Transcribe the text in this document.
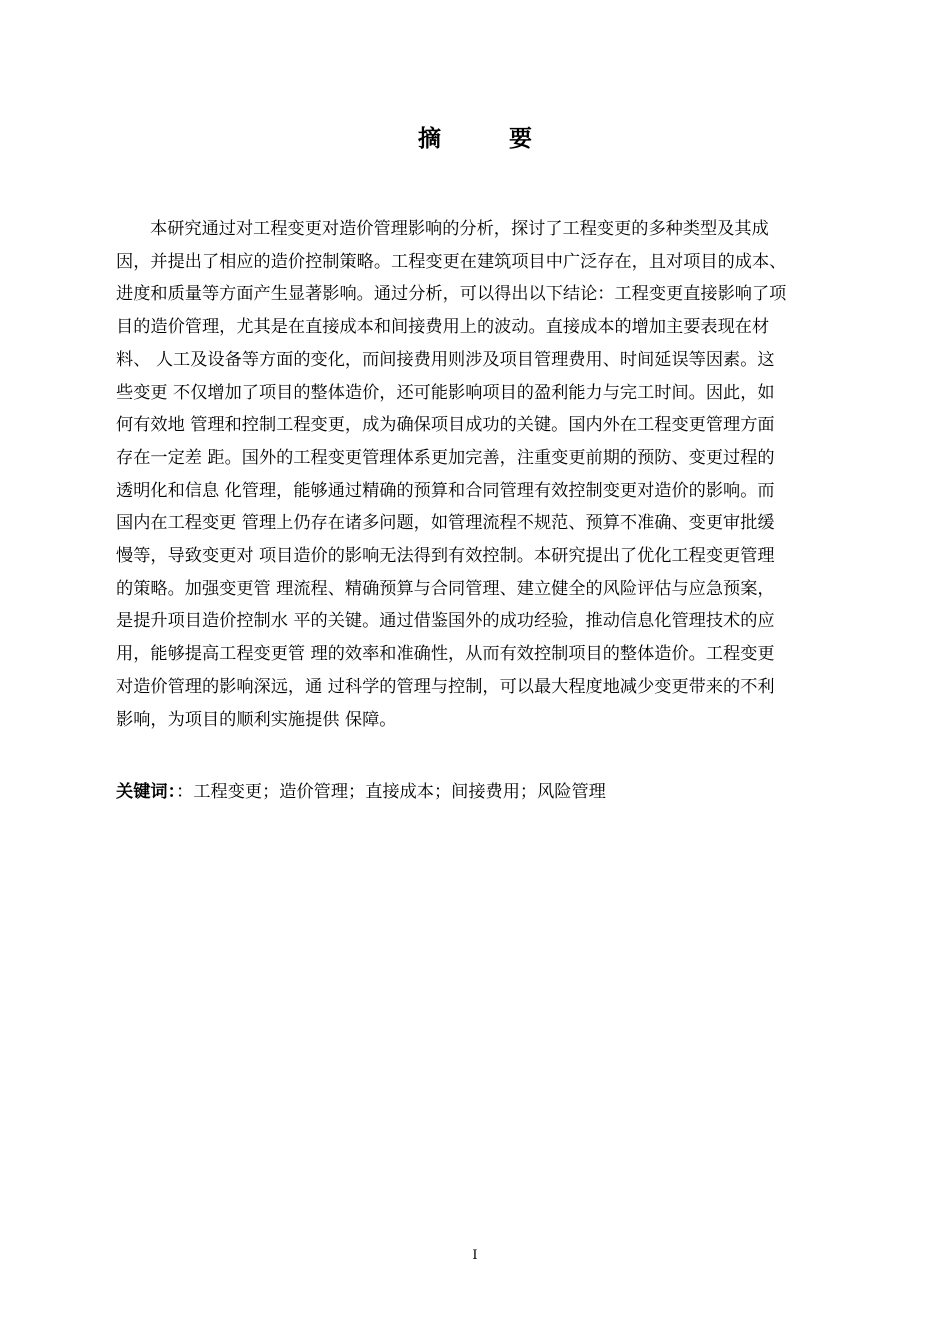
摘 要
本研究通过对工程变更对造价管理影响的分析，探讨了工程变更的多种类型及其成
因，并提出了相应的造价控制策略。工程变更在建筑项目中广泛存在，且对项目的成本、
进度和质量等方面产生显著影响。通过分析，可以得出以下结论：工程变更直接影响了项
目的造价管理，尤其是在直接成本和间接费用上的波动。直接成本的增加主要表现在材
料、 人工及设备等方面的变化，而间接费用则涉及项目管理费用、时间延误等因素。这
些变更 不仅增加了项目的整体造价，还可能影响项目的盈利能力与完工时间。因此，如
何有效地 管理和控制工程变更，成为确保项目成功的关键。国内外在工程变更管理方面
存在一定差 距。国外的工程变更管理体系更加完善，注重变更前期的预防、变更过程的
透明化和信息 化管理，能够通过精确的预算和合同管理有效控制变更对造价的影响。而
国内在工程变更 管理上仍存在诸多问题，如管理流程不规范、预算不准确、变更审批缓
慢等，导致变更对 项目造价的影响无法得到有效控制。本研究提出了优化工程变更管理
的策略。加强变更管 理流程、精确预算与合同管理、建立健全的风险评估与应急预案，
是提升项目造价控制水 平的关键。通过借鉴国外的成功经验，推动信息化管理技术的应
用，能够提高工程变更管 理的效率和准确性，从而有效控制项目的整体造价。工程变更
对造价管理的影响深远，通 过科学的管理与控制，可以最大程度地减少变更带来的不利
影响，为项目的顺利实施提供 保障。
关键词：：工程变更；造价管理；直接成本；间接费用；风险管理
I
